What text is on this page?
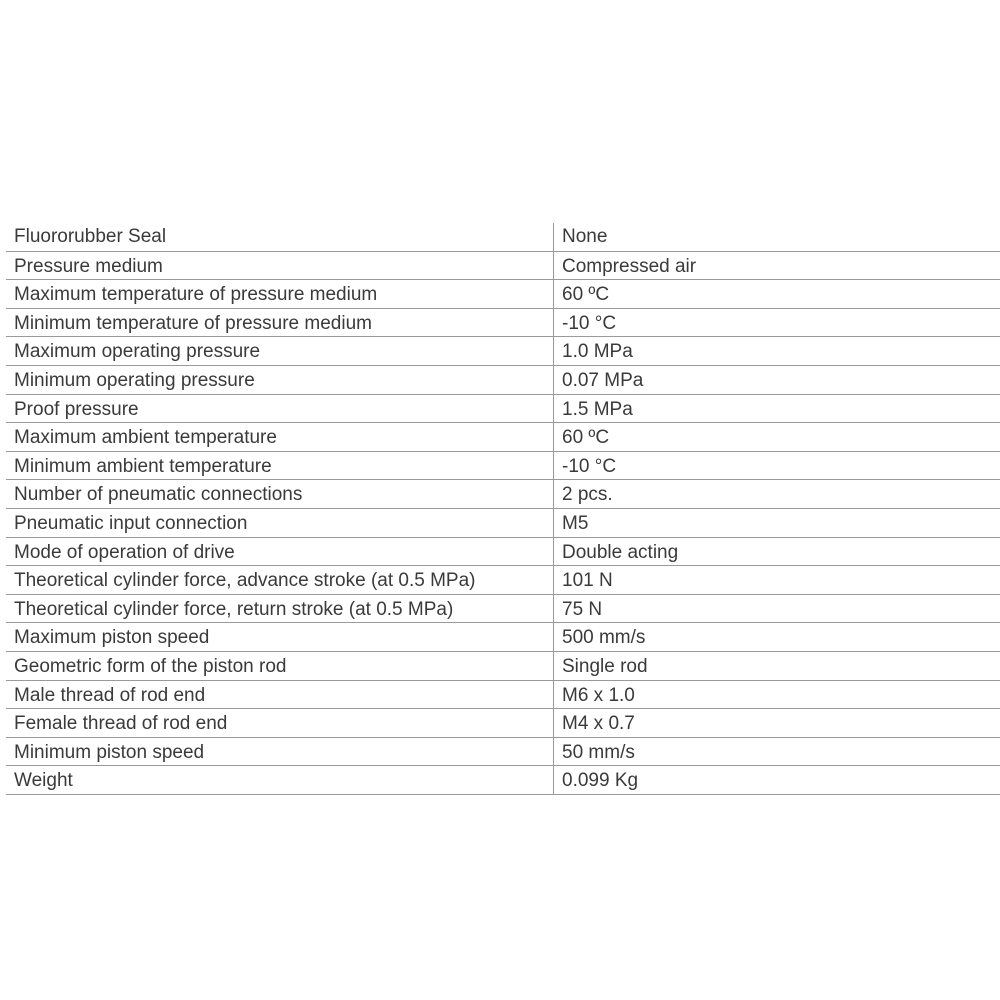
Fluororubber Seal	None
Pressure medium	Compressed air
Maximum temperature of pressure medium	60 ºC
Minimum temperature of pressure medium	-10 °C
Maximum operating pressure	1.0 MPa
Minimum operating pressure	0.07 MPa
Proof pressure	1.5 MPa
Maximum ambient temperature	60 ºC
Minimum ambient temperature	-10 °C
Number of pneumatic connections	2 pcs.
Pneumatic input connection	M5
Mode of operation of drive	Double acting
Theoretical cylinder force, advance stroke (at 0.5 MPa)	101 N
Theoretical cylinder force, return stroke (at 0.5 MPa)	75 N
Maximum piston speed	500 mm/s
Geometric form of the piston rod	Single rod
Male thread of rod end	M6 x 1.0
Female thread of rod end	M4 x 0.7
Minimum piston speed	50 mm/s
Weight	0.099 Kg
